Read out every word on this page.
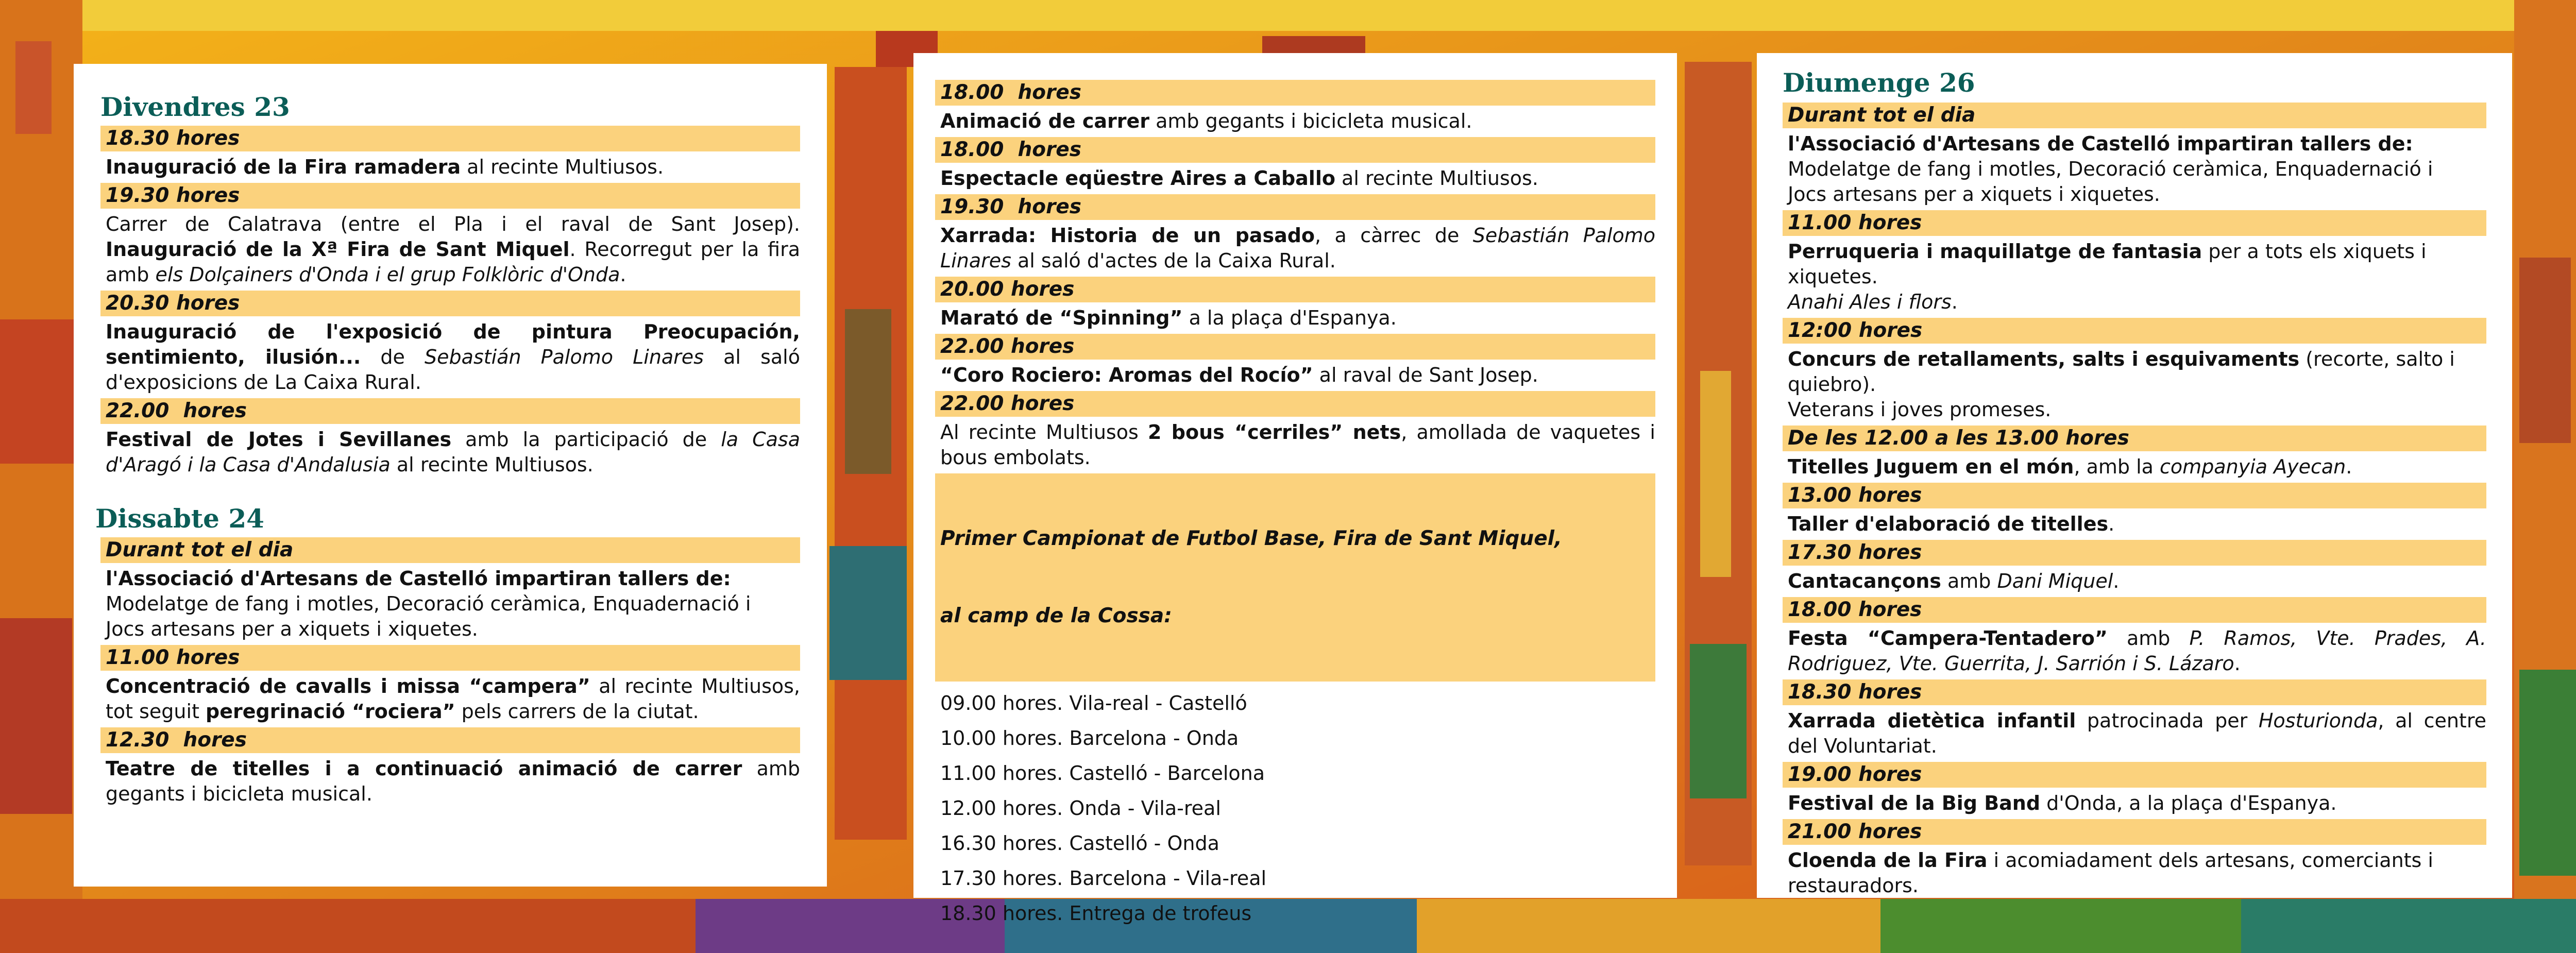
Divendres 23
18.30 hores
Inauguració de la Fira ramadera al recinte Multiusos.
19.30 hores
Carrer de Calatrava (entre el Pla i el raval de Sant Josep). Inauguració de la Xª Fira de Sant Miquel. Recorregut per la fira amb els Dolçainers d'Onda i el grup Folklòric d'Onda.
20.30 hores
Inauguració de l'exposició de pintura Preocupación, sentimiento, ilusión... de Sebastián Palomo Linares al saló d'exposicions de La Caixa Rural.
22.00  hores
Festival de Jotes i Sevillanes amb la participació de la Casa d'Aragó i la Casa d'Andalusia al recinte Multiusos.
Dissabte 24
Durant tot el dia
l'Associació d'Artesans de Castelló impartiran tallers de:
Modelatge de fang i motles, Decoració ceràmica, Enquadernació i
Jocs artesans per a xiquets i xiquetes.
11.00 hores
Concentració de cavalls i missa “campera” al recinte Multiusos, tot seguit peregrinació “rociera” pels carrers de la ciutat.
12.30  hores
Teatre de titelles i a continuació animació de carrer amb gegants i bicicleta musical.
18.00  hores
Animació de carrer amb gegants i bicicleta musical.
18.00  hores
Espectacle eqüestre Aires a Caballo al recinte Multiusos.
19.30  hores
Xarrada: Historia de un pasado, a càrrec de Sebastián Palomo Linares al saló d'actes de la Caixa Rural.
20.00 hores
Marató de “Spinning” a la plaça d'Espanya.
22.00 hores
“Coro Rociero: Aromas del Rocío” al raval de Sant Josep.
22.00 hores
Al recinte Multiusos 2 bous “cerriles” nets, amollada de vaquetes i bous embolats.

Primer Campionat de Futbol Base, Fira de Sant Miquel,

al camp de la Cossa:

09.00 hores. Vila-real - Castelló
10.00 hores. Barcelona - Onda
11.00 hores. Castelló - Barcelona
12.00 hores. Onda - Vila-real
16.30 hores. Castelló - Onda
17.30 hores. Barcelona - Vila-real
18.30 hores. Entrega de trofeus
Diumenge 26
Durant tot el dia
l'Associació d'Artesans de Castelló impartiran tallers de:
Modelatge de fang i motles, Decoració ceràmica, Enquadernació i
Jocs artesans per a xiquets i xiquetes.
11.00 hores
Perruqueria i maquillatge de fantasia per a tots els xiquets i xiquetes.
Anahi Ales i flors.
12:00 hores
Concurs de retallaments, salts i esquivaments (recorte, salto i quiebro).
Veterans i joves promeses.
De les 12.00 a les 13.00 hores
Titelles Juguem en el món, amb la companyia Ayecan.
13.00 hores
Taller d'elaboració de titelles.
17.30 hores
Cantacançons amb Dani Miquel.
18.00 hores
Festa “Campera-Tentadero” amb P. Ramos, Vte. Prades, A. Rodriguez, Vte. Guerrita, J. Sarrión i S. Lázaro.
18.30 hores
Xarrada dietètica infantil patrocinada per Hosturionda, al centre del Voluntariat.
19.00 hores
Festival de la Big Band d'Onda, a la plaça d'Espanya.
21.00 hores
Cloenda de la Fira i acomiadament dels artesans, comerciants i restauradors.
